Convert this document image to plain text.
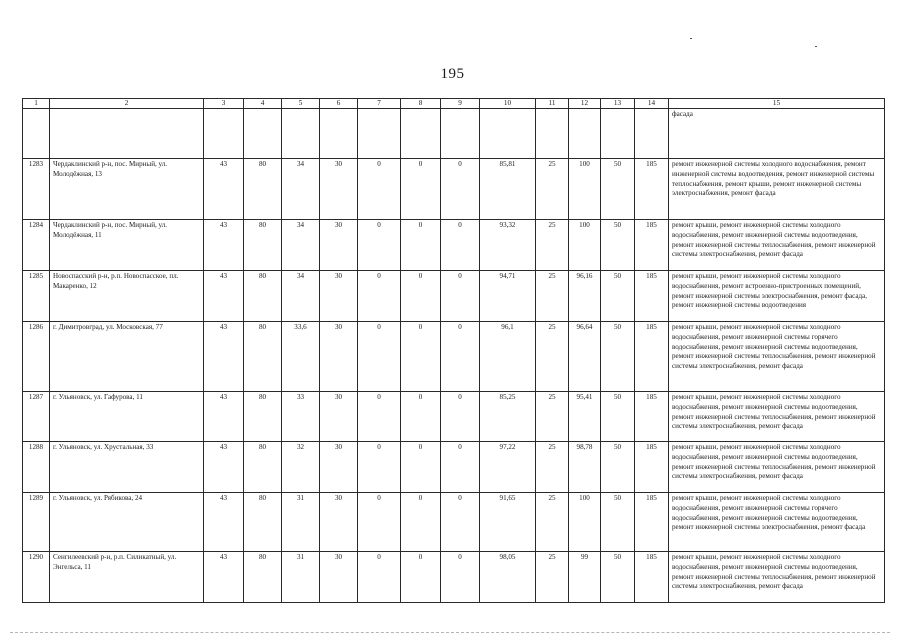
195
1	2	3	4	5	6	7	8	9	10	11	12	13	14	15
														фасада
1283	Чердаклинский р-н, пос. Мирный, ул. Молодёжная, 13	43	80	34	30	0	0	0	85,81	25	100	50	185	ремонт инженерной системы холодного водоснабжения, ремонт инженерной системы водоотведения, ремонт инженерной системы теплоснабжения, ремонт крыши, ремонт инженерной системы электроснабжения, ремонт фасада
1284	Чердаклинский р-н, пос. Мирный, ул. Молодёжная, 11	43	80	34	30	0	0	0	93,32	25	100	50	185	ремонт крыши, ремонт инженерной системы холодного водоснабжения, ремонт инженерной системы водоотведения, ремонт инженерной системы теплоснабжения, ремонт инженерной системы электроснабжения, ремонт фасада
1285	Новоспасский р-н, р.п. Новоспасское, пл. Макаренко, 12	43	80	34	30	0	0	0	94,71	25	96,16	50	185	ремонт крыши, ремонт инженерной системы холодного водоснабжения, ремонт встроенно-пристроенных помещений, ремонт инженерной системы электроснабжения, ремонт фасада, ремонт инженерной системы водоотведения
1286	г. Димитровград, ул. Московская, 77	43	80	33,6	30	0	0	0	96,1	25	96,64	50	185	ремонт крыши, ремонт инженерной системы холодного водоснабжения, ремонт инженерной системы горячего водоснабжения, ремонт инженерной системы водоотведения, ремонт инженерной системы теплоснабжения, ремонт инженерной системы электроснабжения, ремонт фасада
1287	г. Ульяновск, ул. Гафурова, 11	43	80	33	30	0	0	0	85,25	25	95,41	50	185	ремонт крыши, ремонт инженерной системы холодного водоснабжения, ремонт инженерной системы водоотведения, ремонт инженерной системы теплоснабжения, ремонт инженерной системы электроснабжения, ремонт фасада
1288	г. Ульяновск, ул. Хрустальная, 33	43	80	32	30	0	0	0	97,22	25	98,78	50	185	ремонт крыши, ремонт инженерной системы холодного водоснабжения, ремонт инженерной системы водоотведения, ремонт инженерной системы теплоснабжения, ремонт инженерной системы электроснабжения, ремонт фасада
1289	г. Ульяновск, ул. Рябикова, 24	43	80	31	30	0	0	0	91,65	25	100	50	185	ремонт крыши, ремонт инженерной системы холодного водоснабжения, ремонт инженерной системы горячего водоснабжения, ремонт инженерной системы водоотведения, ремонт инженерной системы электроснабжения, ремонт фасада
1290	Сенгилеевский р-н, р.п. Силикатный, ул. Энгельса, 11	43	80	31	30	0	0	0	98,05	25	99	50	185	ремонт крыши, ремонт инженерной системы холодного водоснабжения, ремонт инженерной системы водоотведения, ремонт инженерной системы теплоснабжения, ремонт инженерной системы электроснабжения, ремонт фасада
